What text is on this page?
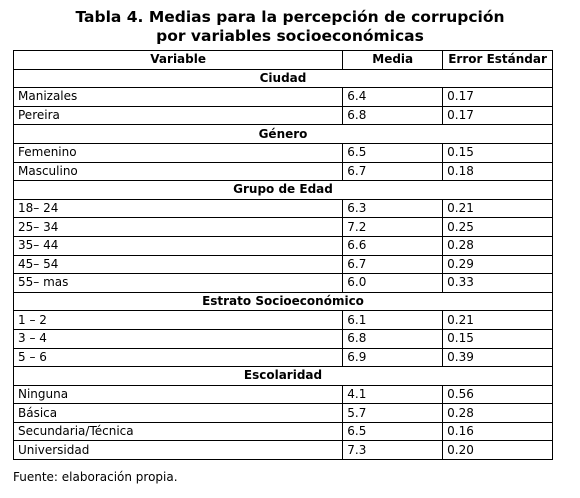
Tabla 4. Medias para la percepción de corrupción
por variables socioeconómicas
Variable	Media	Error Estándar
Ciudad		
Manizales	6.4	0.17
Pereira	6.8	0.17
Género		
Femenino	6.5	0.15
Masculino	6.7	0.18
Grupo de Edad		
18– 24	6.3	0.21
25– 34	7.2	0.25
35– 44	6.6	0.28
45– 54	6.7	0.29
55– mas	6.0	0.33
Estrato Socioeconómico		
1 – 2	6.1	0.21
3 – 4	6.8	0.15
5 – 6	6.9	0.39
Escolaridad		
Ninguna	4.1	0.56
Básica	5.7	0.28
Secundaria/Técnica	6.5	0.16
Universidad	7.3	0.20
Fuente: elaboración propia.
